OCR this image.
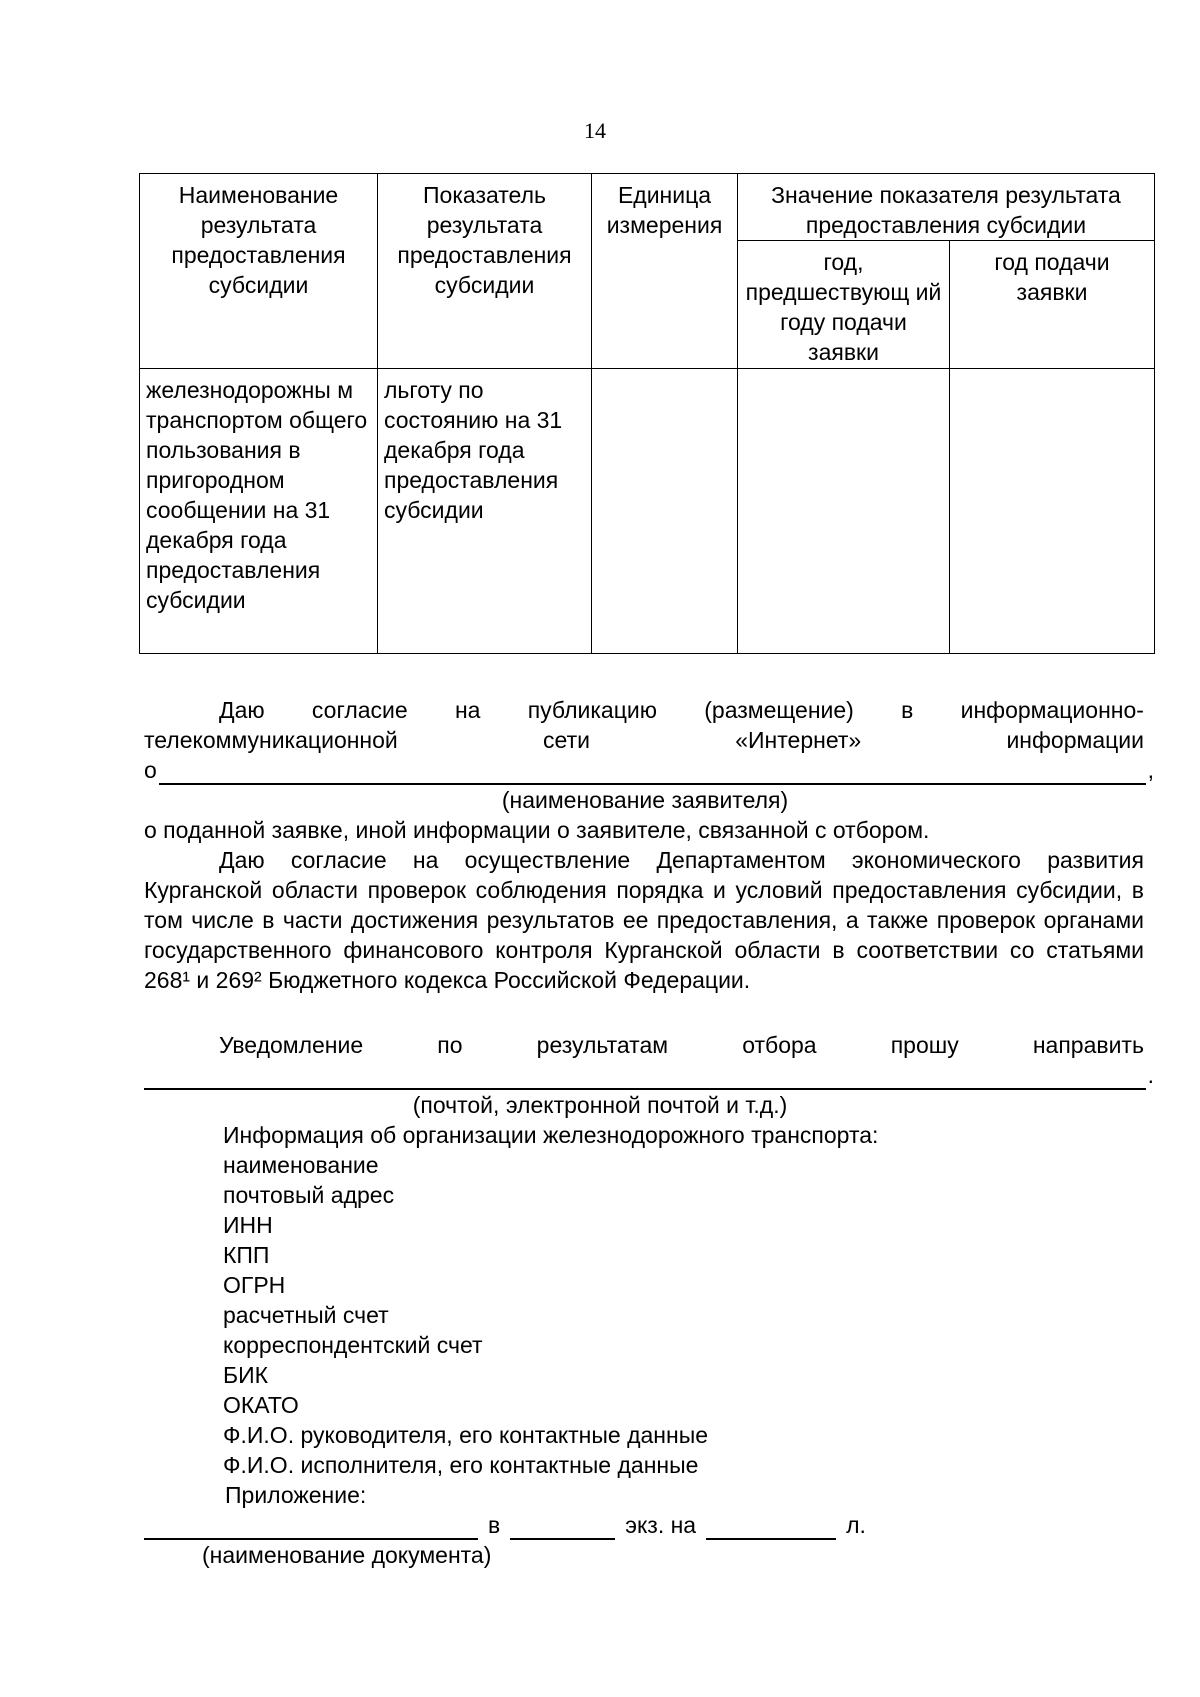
14
Наименование результата предоставления субсидии	Показатель результата предоставления субсидии	Единица измерения	Значение показателя результата предоставления субсидии	
			год, предшествующ ий году подачи заявки	год подачи заявки
железнодорожны м транспортом общего пользования в пригородном сообщении на 31 декабря года предоставления субсидии	льготу по состоянию на 31 декабря года предоставления субсидии			
Даю согласие на публикацию (размещение) в информационно-
телекоммуникационной	сети	«Интернет»	информации
о	,
(наименование заявителя)
о поданной заявке, иной информации о заявителе, связанной с отбором.
Даю согласие на осуществление Департаментом экономического развития Курганской области проверок соблюдения порядка и условий предоставления субсидии, в том числе в части достижения результатов ее предоставления, а также проверок органами государственного финансового контроля Курганской области в соответствии со статьями 268¹ и 269² Бюджетного кодекса Российской Федерации.
Уведомление	по	результатам	отбора	прошу	направить
.
(почтой, электронной почтой и т.д.)
Информация об организации железнодорожного транспорта:
наименование
почтовый адрес
ИНН
КПП
ОГРН
расчетный счет
корреспондентский счет
БИК
ОКАТО
Ф.И.О. руководителя, его контактные данные
Ф.И.О. исполнителя, его контактные данные
Приложение:
в	экз. на	л.
(наименование документа)
